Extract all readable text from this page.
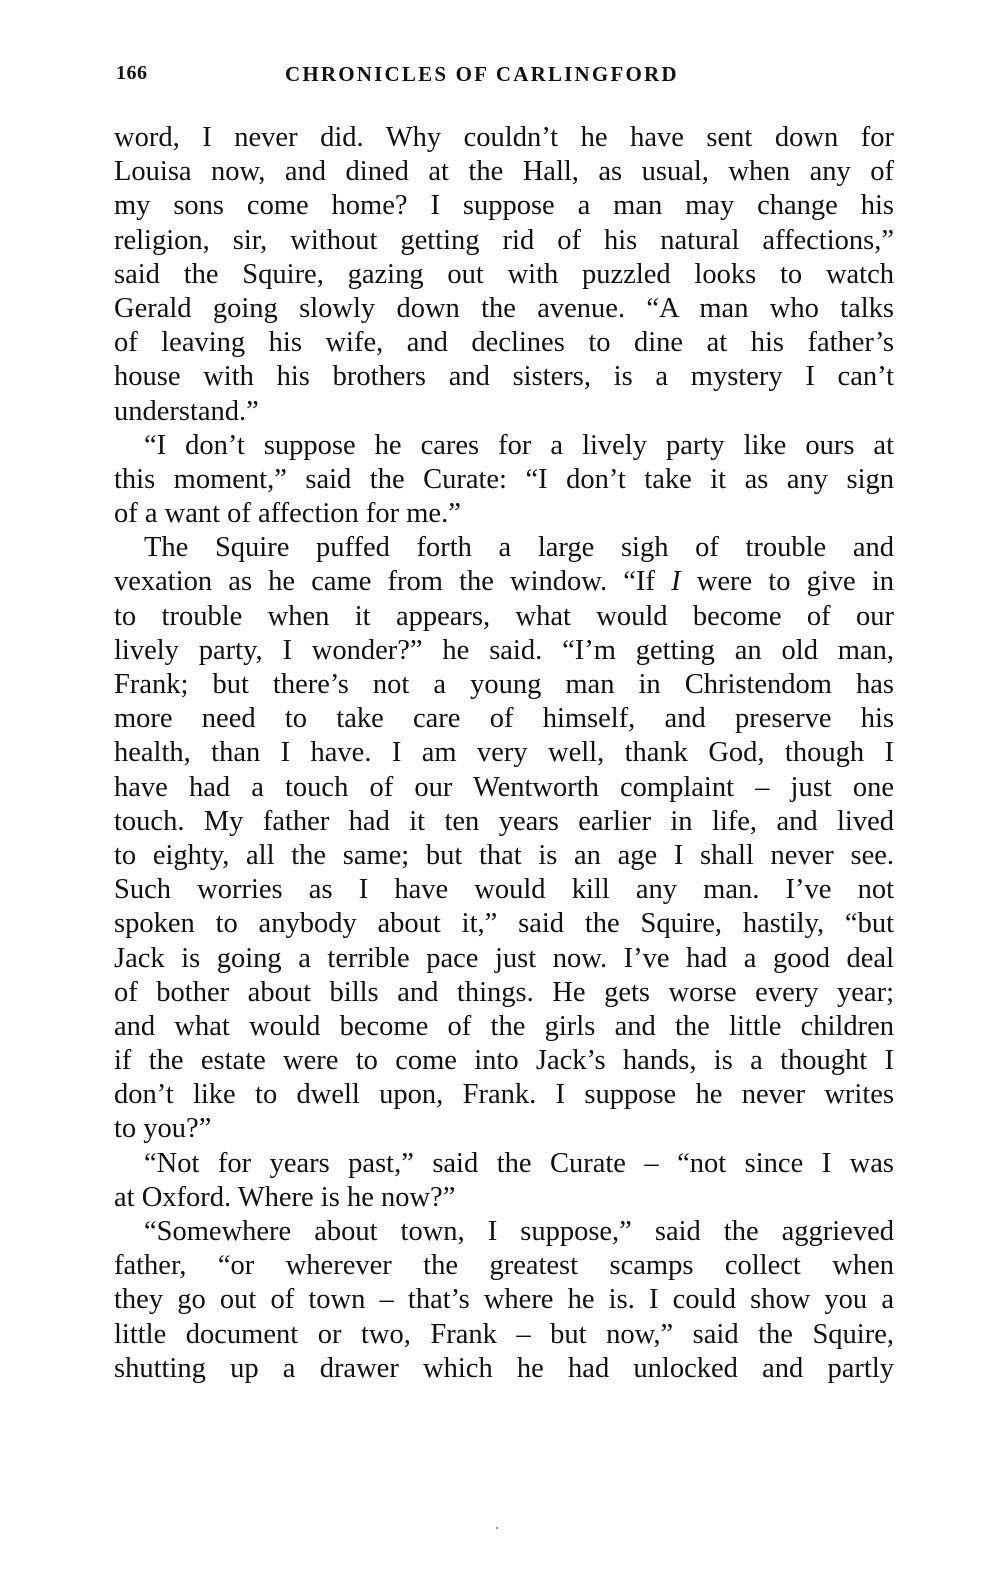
166	CHRONICLES OF CARLINGFORD
word, I never did. Why couldn’t he have sent down for
Louisa now, and dined at the Hall, as usual, when any of
my sons come home? I suppose a man may change his
religion, sir, without getting rid of his natural affections,”
said the Squire, gazing out with puzzled looks to watch
Gerald going slowly down the avenue. “A man who talks
of leaving his wife, and declines to dine at his father’s
house with his brothers and sisters, is a mystery I can’t
understand.”
“I don’t suppose he cares for a lively party like ours at
this moment,” said the Curate: “I don’t take it as any sign
of a want of affection for me.”
The Squire puffed forth a large sigh of trouble and
vexation as he came from the window. “If I were to give in
to trouble when it appears, what would become of our
lively party, I wonder?” he said. “I’m getting an old man,
Frank; but there’s not a young man in Christendom has
more need to take care of himself, and preserve his
health, than I have. I am very well, thank God, though I
have had a touch of our Wentworth complaint – just one
touch. My father had it ten years earlier in life, and lived
to eighty, all the same; but that is an age I shall never see.
Such worries as I have would kill any man. I’ve not
spoken to anybody about it,” said the Squire, hastily, “but
Jack is going a terrible pace just now. I’ve had a good deal
of bother about bills and things. He gets worse every year;
and what would become of the girls and the little children
if the estate were to come into Jack’s hands, is a thought I
don’t like to dwell upon, Frank. I suppose he never writes
to you?”
“Not for years past,” said the Curate – “not since I was
at Oxford. Where is he now?”
“Somewhere about town, I suppose,” said the aggrieved
father, “or wherever the greatest scamps collect when
they go out of town – that’s where he is. I could show you a
little document or two, Frank – but now,” said the Squire,
shutting up a drawer which he had unlocked and partly
